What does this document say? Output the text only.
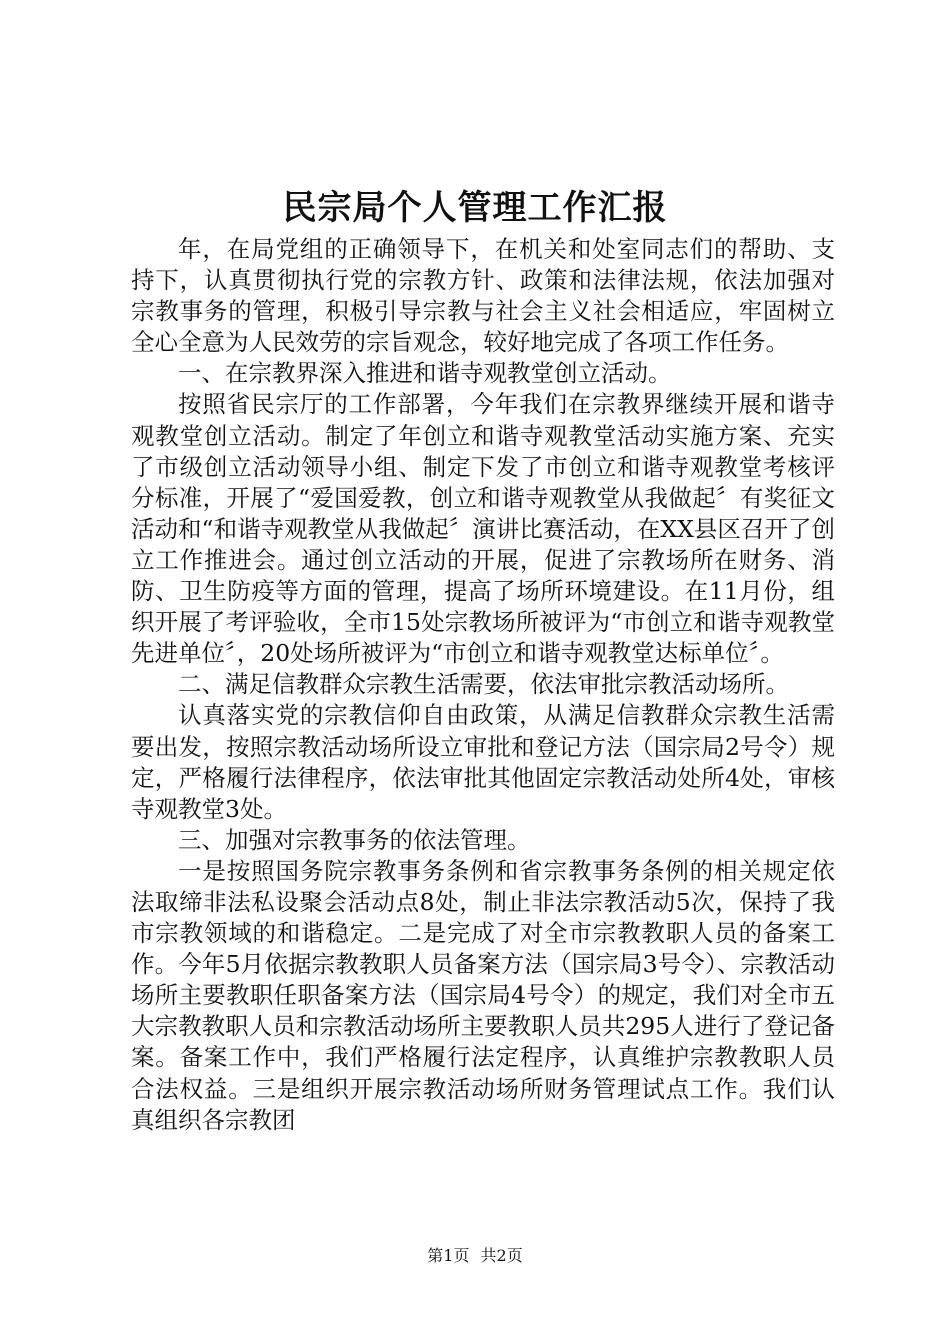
民宗局个人管理工作汇报

年，在局党组的正确领导下，在机关和处室同志们的帮助、支持下，认真贯彻执行党的宗教方针、政策和法律法规，依法加强对宗教事务的管理，积极引导宗教与社会主义社会相适应，牢固树立全心全意为人民效劳的宗旨观念，较好地完成了各项工作任务。

一、在宗教界深入推进和谐寺观教堂创立活动。

按照省民宗厅的工作部署，今年我们在宗教界继续开展和谐寺观教堂创立活动。制定了年创立和谐寺观教堂活动实施方案、充实了市级创立活动领导小组、制定下发了市创立和谐寺观教堂考核评分标准，开展了“爱国爱教，创立和谐寺观教堂从我做起〞有奖征文活动和“和谐寺观教堂从我做起〞演讲比赛活动，在XX县区召开了创立工作推进会。通过创立活动的开展，促进了宗教场所在财务、消防、卫生防疫等方面的管理，提高了场所环境建设。在11月份，组织开展了考评验收，全市15处宗教场所被评为“市创立和谐寺观教堂先进单位〞，20处场所被评为“市创立和谐寺观教堂达标单位〞。

二、满足信教群众宗教生活需要，依法审批宗教活动场所。

认真落实党的宗教信仰自由政策，从满足信教群众宗教生活需要出发，按照宗教活动场所设立审批和登记方法（国宗局2号令）规定，严格履行法律程序，依法审批其他固定宗教活动处所4处，审核寺观教堂3处。

三、加强对宗教事务的依法管理。

一是按照国务院宗教事务条例和省宗教事务条例的相关规定依法取缔非法私设聚会活动点8处，制止非法宗教活动5次，保持了我市宗教领域的和谐稳定。二是完成了对全市宗教教职人员的备案工作。今年5月依据宗教教职人员备案方法（国宗局3号令）、宗教活动场所主要教职任职备案方法（国宗局4号令）的规定，我们对全市五大宗教教职人员和宗教活动场所主要教职人员共295人进行了登记备案。备案工作中，我们严格履行法定程序，认真维护宗教教职人员合法权益。三是组织开展宗教活动场所财务管理试点工作。我们认真组织各宗教团

第1页 共2页
